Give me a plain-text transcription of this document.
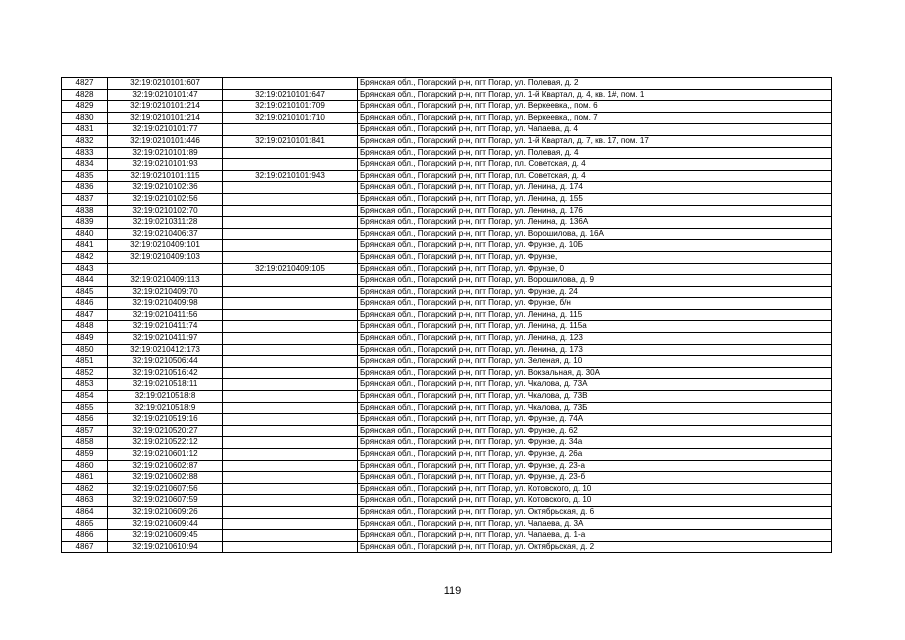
4827	32:19:0210101:607		Брянская обл., Погарский р-н, пгт Погар, ул. Полевая, д. 2
4828	32:19:0210101:47	32:19:0210101:647	Брянская обл., Погарский р-н, пгт Погар, ул. 1-й Квартал, д. 4, кв. 1#, пом. 1
4829	32:19:0210101:214	32:19:0210101:709	Брянская обл., Погарский р-н, пгт Погар, ул. Веркеевка,, пом. 6
4830	32:19:0210101:214	32:19:0210101:710	Брянская обл., Погарский р-н, пгт Погар, ул. Веркеевка,, пом. 7
4831	32:19:0210101:77		Брянская обл., Погарский р-н, пгт Погар, ул. Чапаева, д. 4
4832	32:19:0210101:446	32:19:0210101:841	Брянская обл., Погарский р-н, пгт Погар, ул. 1-й Квартал, д. 7, кв. 17, пом. 17
4833	32:19:0210101:89		Брянская обл., Погарский р-н, пгт Погар, ул. Полевая, д. 4
4834	32:19:0210101:93		Брянская обл., Погарский р-н, пгт Погар, пл. Советская, д. 4
4835	32:19:0210101:115	32:19:0210101:943	Брянская обл., Погарский р-н, пгт Погар, пл. Советская, д. 4
4836	32:19:0210102:36		Брянская обл., Погарский р-н, пгт Погар, ул. Ленина, д. 174
4837	32:19:0210102:56		Брянская обл., Погарский р-н, пгт Погар, ул. Ленина, д. 155
4838	32:19:0210102:70		Брянская обл., Погарский р-н, пгт Погар, ул. Ленина, д. 176
4839	32:19:0210311:28		Брянская обл., Погарский р-н, пгт Погар, ул. Ленина, д. 136А
4840	32:19:0210406:37		Брянская обл., Погарский р-н, пгт Погар, ул. Ворошилова, д. 16А
4841	32:19:0210409:101		Брянская обл., Погарский р-н, пгт Погар, ул. Фрунзе, д. 10Б
4842	32:19:0210409:103		Брянская обл., Погарский р-н, пгт Погар, ул. Фрунзе,
4843		32:19:0210409:105	Брянская обл., Погарский р-н, пгт Погар, ул. Фрунзе, 0
4844	32:19:0210409:113		Брянская обл., Погарский р-н, пгт Погар, ул. Ворошилова, д. 9
4845	32:19:0210409:70		Брянская обл., Погарский р-н, пгт Погар, ул. Фрунзе, д. 24
4846	32:19:0210409:98		Брянская обл., Погарский р-н, пгт Погар, ул. Фрунзе, б/н
4847	32:19:0210411:56		Брянская обл., Погарский р-н, пгт Погар, ул. Ленина, д. 115
4848	32:19:0210411:74		Брянская обл., Погарский р-н, пгт Погар, ул. Ленина, д. 115а
4849	32:19:0210411:97		Брянская обл., Погарский р-н, пгт Погар, ул. Ленина, д. 123
4850	32:19:0210412:173		Брянская обл., Погарский р-н, пгт Погар, ул. Ленина, д. 173
4851	32:19:0210506:44		Брянская обл., Погарский р-н, пгт Погар, ул. Зеленая, д. 10
4852	32:19:0210516:42		Брянская обл., Погарский р-н, пгт Погар, ул. Вокзальная, д. 30А
4853	32:19:0210518:11		Брянская обл., Погарский р-н, пгт Погар, ул. Чкалова, д. 73А
4854	32:19:0210518:8		Брянская обл., Погарский р-н, пгт Погар, ул. Чкалова, д. 73В
4855	32:19:0210518:9		Брянская обл., Погарский р-н, пгт Погар, ул. Чкалова, д. 73Б
4856	32:19:0210519:16		Брянская обл., Погарский р-н, пгт Погар, ул. Фрунзе, д. 74А
4857	32:19:0210520:27		Брянская обл., Погарский р-н, пгт Погар, ул. Фрунзе, д. 62
4858	32:19:0210522:12		Брянская обл., Погарский р-н, пгт Погар, ул. Фрунзе, д. 34а
4859	32:19:0210601:12		Брянская обл., Погарский р-н, пгт Погар, ул. Фрунзе, д. 26а
4860	32:19:0210602:87		Брянская обл., Погарский р-н, пгт Погар, ул. Фрунзе, д. 23-а
4861	32:19:0210602:88		Брянская обл., Погарский р-н, пгт Погар, ул. Фрунзе, д. 23-б
4862	32:19:0210607:56		Брянская обл., Погарский р-н, пгт Погар, ул. Котовского, д. 10
4863	32:19:0210607:59		Брянская обл., Погарский р-н, пгт Погар, ул. Котовского, д. 10
4864	32:19:0210609:26		Брянская обл., Погарский р-н, пгт Погар, ул. Октябрьская, д. 6
4865	32:19:0210609:44		Брянская обл., Погарский р-н, пгт Погар, ул. Чапаева, д. 3А
4866	32:19:0210609:45		Брянская обл., Погарский р-н, пгт Погар, ул. Чапаева, д. 1-а
4867	32:19:0210610:94		Брянская обл., Погарский р-н, пгт Погар, ул. Октябрьская, д. 2
119
